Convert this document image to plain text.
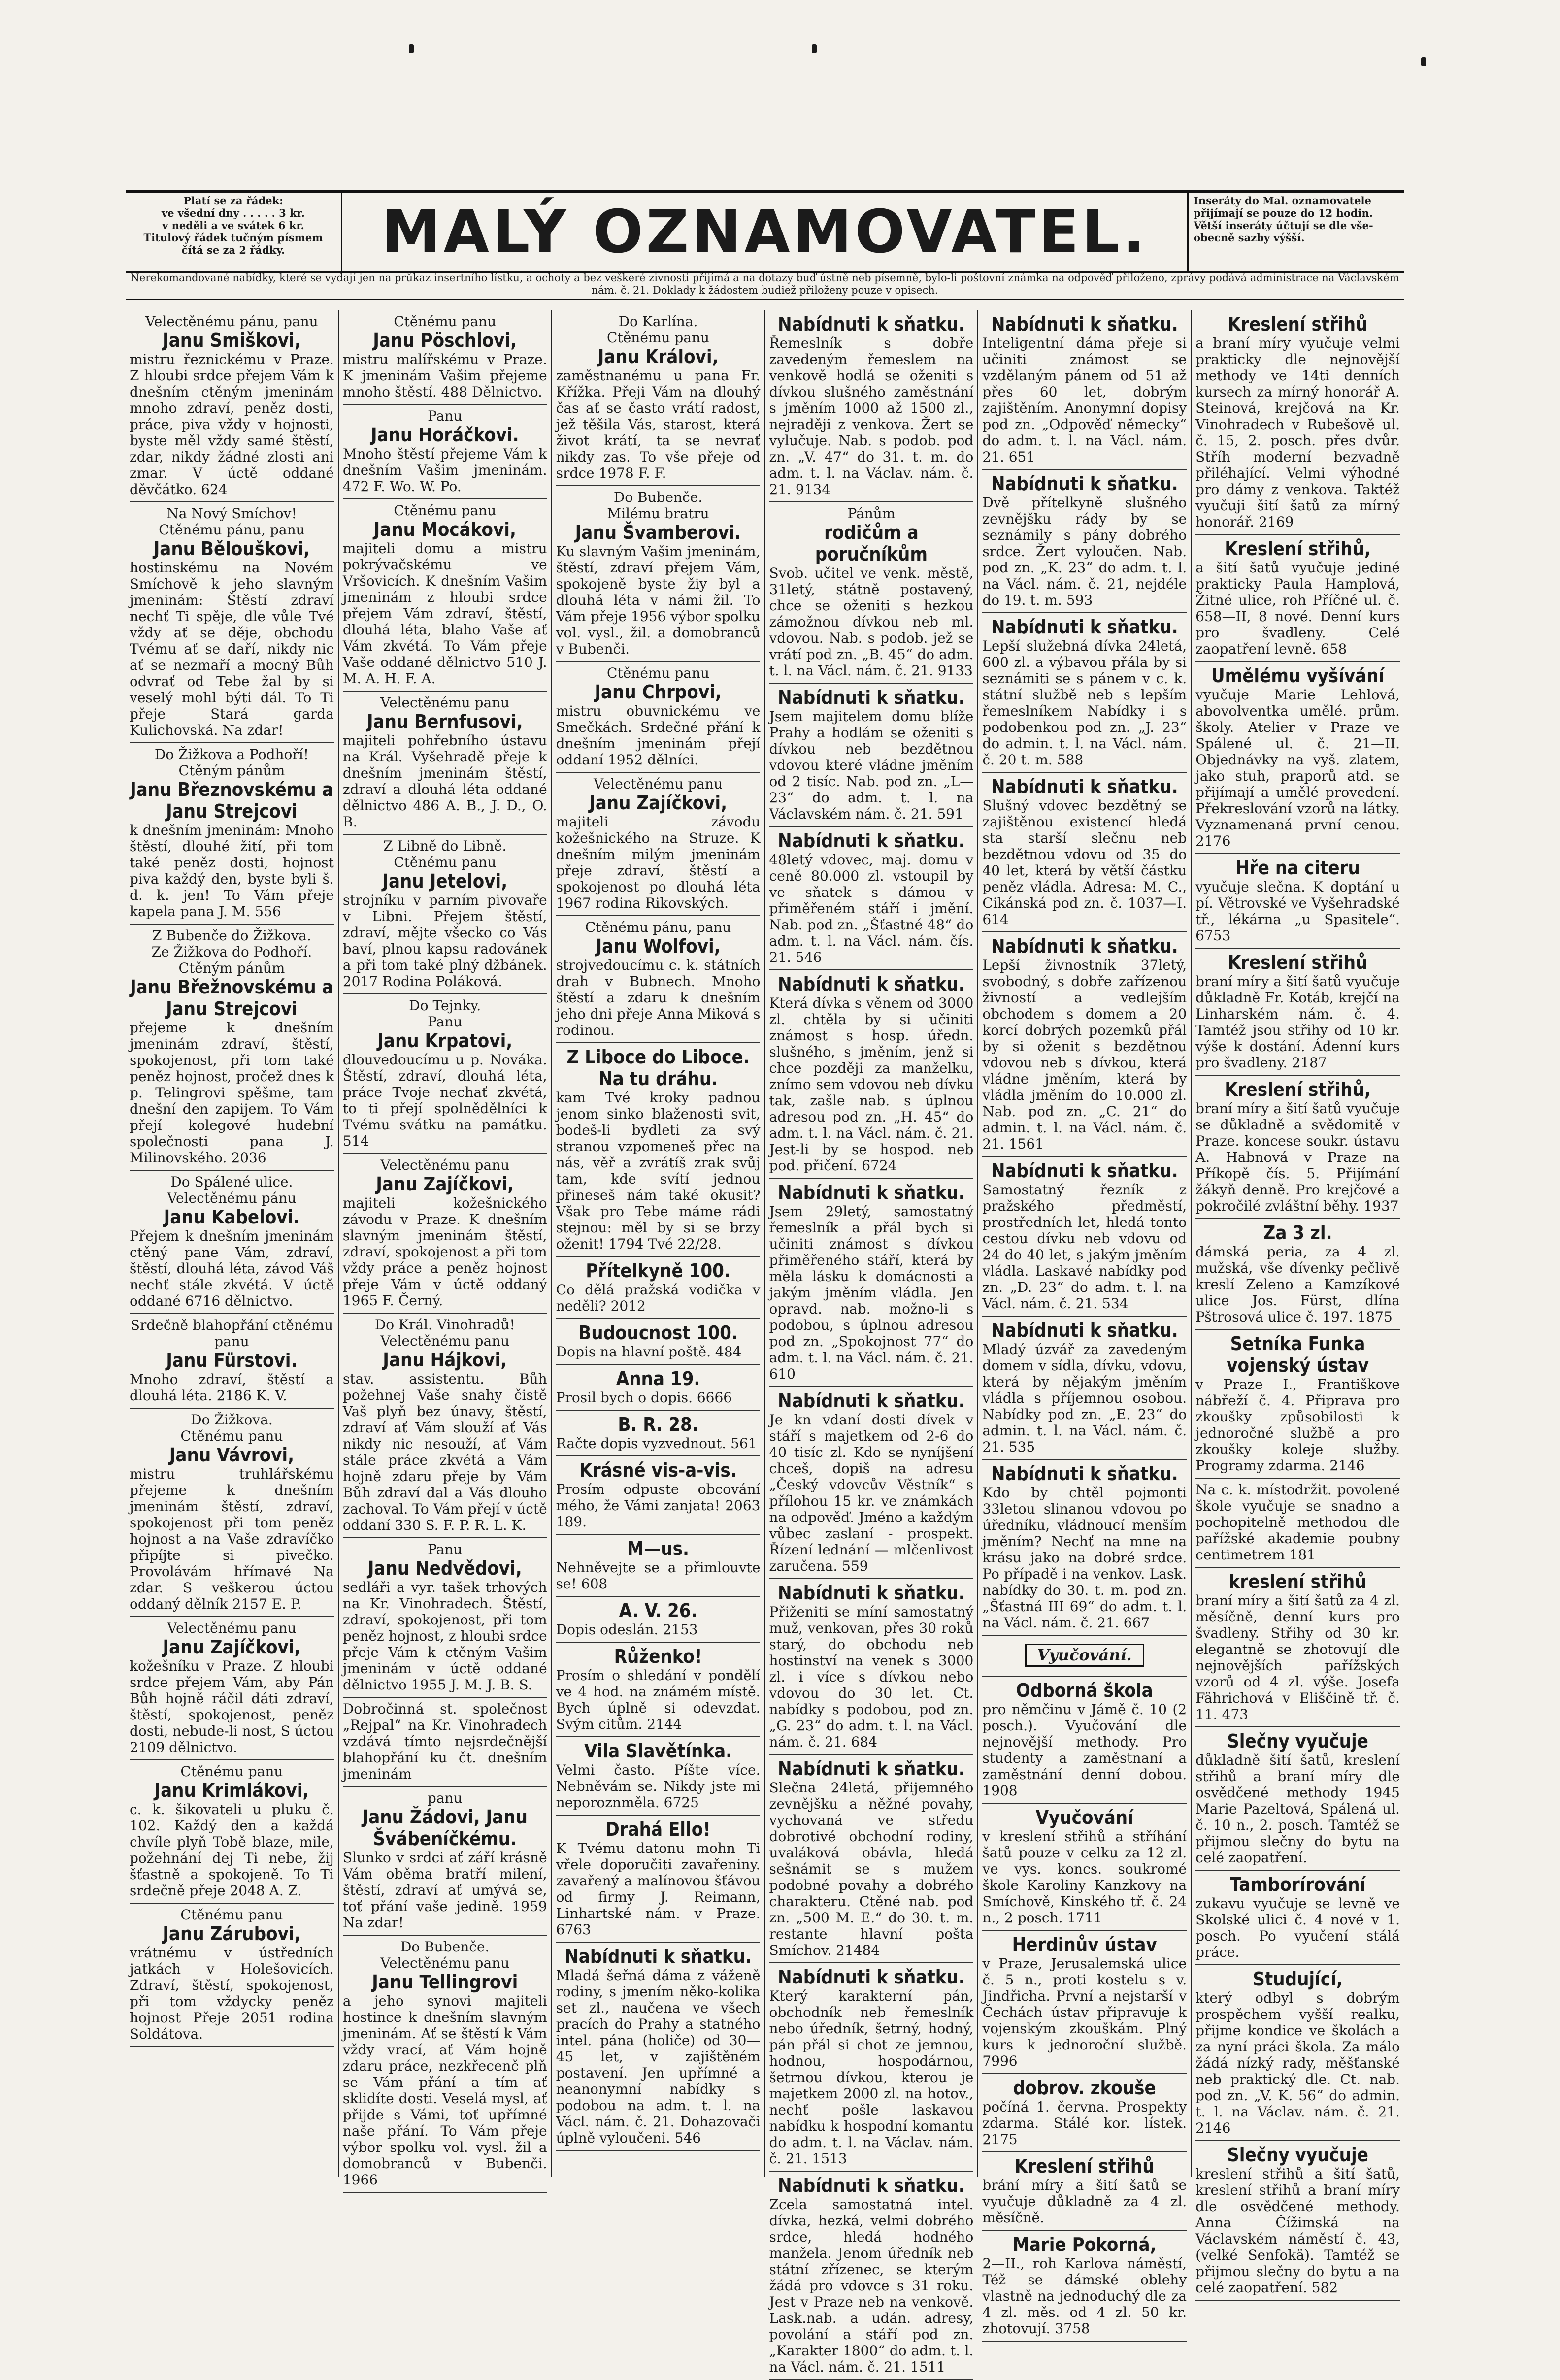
Platí se za řádek:
ve všední dny . . . . . 3 kr.
v neděli a ve svátek 6 kr.
Titulový řádek tučným písmem
čítá se za 2 řádky.	MALÝ OZNAMOVATEL.	Inseráty do Mal. oznamovatele
přijímají se pouze do 12 hodin.
Větší inseráty účtují se dle vše-
obecně sazby výšší.
Nerekomandované nabídky, které se vydají jen na průkaz insertního lístku, a ochoty a bez veškeré zivnosti přijímá a na dotazy buď ústně neb písemně, bylo-li poštovní známka na odpověď přiloženo, zprávy podává administrace na Václavském nám. č. 21. Doklady k žádostem budiež přiloženy pouze v opisech.
Velectěnému pánu, panu
Janu Smiškovi,
mistru řeznickému v Praze. Z hloubi srdce přejem Vám k dnešním ctěným jmeninám mnoho zdraví, peněz dosti, práce, piva vždy v hojnosti, byste měl vždy samé štěstí, zdar, nikdy žádné zlosti ani zmar. V úctě oddané děvčátko. 624
Na Nový Smíchov!
Ctěnému pánu, panu
Janu Bělouškovi,
hostinskému na Novém Smíchově k jeho slavným jmeninám: Štěstí zdraví nechť Ti spěje, dle vůle Tvé vždy ať se děje, obchodu Tvému ať se daří, nikdy nic ať se nezmaří a mocný Bůh odvrať od Tebe žal by si veselý mohl býti dál. To Ti přeje Stará garda Kulichovská. Na zdar!
Do Žižkova a Podhoří!
Ctěným pánům
Janu Březnovskému a Janu Strejcovi
k dnešním jmeninám: Mnoho štěstí, dlouhé žití, při tom také peněz dosti, hojnost piva každý den, byste byli š. d. k. jen! To Vám přeje kapela pana J. M. 556
Z Bubenče do Žižkova.
Ze Žižkova do Podhoří.
Ctěným pánům
Janu Břežnovskému a Janu Strejcovi
přejeme k dnešním jmeninám zdraví, štěstí, spokojenost, při tom také peněz hojnost, pročež dnes k p. Telingrovi spěšme, tam dnešní den zapijem. To Vám přejí kolegové hudební společnosti pana J. Milinovského. 2036
Do Spálené ulice.
Velectěnému pánu
Janu Kabelovi.
Přejem k dnešním jmeninám ctěný pane Vám, zdraví, štěstí, dlouhá léta, závod Váš nechť stále zkvétá. V úctě oddané 6716 dělnictvo.
Srdečně blahopřání ctěnému panu
Janu Fürstovi.
Mnoho zdraví, štěstí a dlouhá léta. 2186 K. V.
Do Žižkova.
Ctěnému panu
Janu Vávrovi,
mistru truhlářskému přejeme k dnešním jmeninám štěstí, zdraví, spokojenost při tom peněz hojnost a na Vaše zdravíčko připíjte si pivečko. Provolávám hřímavé Na zdar. S veškerou úctou oddaný dělník 2157 E. P.
Velectěnému panu
Janu Zajíčkovi,
kožešníku v Praze. Z hloubi srdce přejem Vám, aby Pán Bůh hojně ráčil dáti zdraví, štěstí, spokojenost, peněz dosti, nebude-li nost, S úctou 2109 dělnictvo.
Ctěnému panu
Janu Krimlákovi,
c. k. šikovateli u pluku č. 102. Každý den a každá chvíle plyň Tobě blaze, mile, požehnání dej Ti nebe, žij šťastně a spokojeně. To Ti srdečně přeje 2048 A. Z.
Ctěnému panu
Janu Zárubovi,
vrátnému v ústředních jatkách v Holešovicích. Zdraví, štěstí, spokojenost, při tom vždycky peněz hojnost Přeje 2051 rodina Soldátova.
Ctěnému panu
Janu Pöschlovi,
mistru malířskému v Praze. K jmeninám Vašim přejeme mnoho štěstí. 488 Dělnictvo.
Panu
Janu Horáčkovi.
Mnoho štěstí přejeme Vám k dnešním Vašim jmeninám. 472 F. Wo. W. Po.
Ctěnému panu
Janu Mocákovi,
majiteli domu a mistru pokrývačskému ve Vršovicích. K dnešním Vašim jmeninám z hloubi srdce přejem Vám zdraví, štěstí, dlouhá léta, blaho Vaše ať Vám zkvétá. To Vám přeje Vaše oddané dělnictvo 510 J. M. A. H. F. A.
Velectěnému panu
Janu Bernfusovi,
majiteli pohřebního ústavu na Král. Vyšehradě přeje k dnešním jmeninám štěstí, zdraví a dlouhá léta oddané dělnictvo 486 A. B., J. D., O. B.
Z Libně do Libně.
Ctěnému panu
Janu Jetelovi,
strojníku v parním pivovaře v Libni. Přejem štěstí, zdraví, mějte všecko co Vás baví, plnou kapsu radovánek a při tom také plný džbánek. 2017 Rodina Poláková.
Do Tejnky.
Panu
Janu Krpatovi,
dlouvedoucímu u p. Nováka. Štěstí, zdraví, dlouhá léta, práce Tvoje nechať zkvétá, to ti přejí spolnědělníci k Tvému svátku na památku. 514
Velectěnému panu
Janu Zajíčkovi,
majiteli kožešnického závodu v Praze. K dnešním slavným jmeninám štěstí, zdraví, spokojenost a při tom vždy práce a peněz hojnost přeje Vám v úctě oddaný 1965 F. Černý.
Do Král. Vinohradů!
Velectěnému panu
Janu Hájkovi,
stav. assistentu. Bůh požehnej Vaše snahy čistě Vaš plyň bez únavy, štěstí, zdraví ať Vám slouží ať Vás nikdy nic nesouží, ať Vám stále práce zkvétá a Vám hojně zdaru přeje by Vám Bůh zdraví dal a Vás dlouho zachoval. To Vám přejí v úctě oddaní 330 S. F. P. R. L. K.
Panu
Janu Nedvědovi,
sedláři a vyr. tašek trhových na Kr. Vinohradech. Štěstí, zdraví, spokojenost, při tom peněz hojnost, z hloubi srdce přeje Vám k ctěným Vašim jmeninám v úctě oddané dělnictvo 1955 J. M. J. B. S.
Dobročinná st. společnost „Rejpal“ na Kr. Vinohradech vzdává tímto nejsrdečnější blahopřání ku čt. dnešním jmeninám
panu
Janu Žádovi, Janu Švábeníčkému.
Slunko v srdci ať září krásně Vám oběma bratří milení, štěstí, zdraví ať umývá se, toť přání vaše jedině. 1959 Na zdar!
Do Bubenče.
Velectěnému panu
Janu Tellingrovi
a jeho synovi majiteli hostince k dnešním slavným jmeninám. Ať se štěstí k Vám vždy vrací, ať Vám hojně zdaru práce, nezkřecenč plň se Vám přání a tím ať sklidíte dosti. Veselá mysl, ať přijde s Vámi, toť upřímné naše přání. To Vám přeje výbor spolku vol. vysl. žil a domobranců v Bubenči. 1966
Do Karlína.
Ctěnému panu
Janu Královi,
zaměstnanému u pana Fr. Křížka. Přeji Vám na dlouhý čas ať se často vrátí radost, jež těšila Vás, starost, která život krátí, ta se nevrať nikdy zas. To vše přeje od srdce 1978 F. F.
Do Bubenče.
Milému bratru
Janu Švamberovi.
Ku slavným Vašim jmeninám, štěstí, zdraví přejem Vám, spokojeně byste žiy byl a dlouhá léta v námi žil. To Vám přeje 1956 výbor spolku vol. vysl., žil. a domobranců v Bubenči.
Ctěnému panu
Janu Chrpovi,
mistru obuvnickému ve Smečkách. Srdečné přání k dnešním jmeninám přejí oddaní 1952 dělníci.
Velectěnému panu
Janu Zajíčkovi,
majiteli závodu kožešnického na Struze. K dnešním milým jmeninám přeje zdraví, štěstí a spokojenost po dlouhá léta 1967 rodina Rikovských.
Ctěnému pánu, panu
Janu Wolfovi,
strojvedoucímu c. k. státních drah v Bubnech. Mnoho štěstí a zdaru k dnešním jeho dni přeje Anna Miková s rodinou.
Z Liboce do Liboce. Na tu dráhu.
kam Tvé kroky padnou jenom sinko blaženosti svit, bodeš-li bydleti za svý stranou vzpomeneš přec na nás, věř a zvrátíš zrak svůj tam, kde svítí jednou přineseš nám také okusit? Však pro Tebe máme rádi stejnou: měl by si se brzy oženit! 1794 Tvé 22/28.
Přítelkyně 100.
Co dělá pražská vodička v neděli? 2012
Budoucnost 100.
Dopis na hlavní poště. 484
Anna 19.
Prosil bych o dopis. 6666
B. R. 28.
Račte dopis vyzvednout. 561
Krásné vis-a-vis.
Prosím odpuste obcování mého, že Vámi zanjata! 2063 189.
M—us.
Nehněvejte se a přimlouvte se! 608
A. V. 26.
Dopis odeslán. 2153
Růženko!
Prosím o shledání v pondělí ve 4 hod. na známém místě. Bych úplně si odevzdat. Svým citům. 2144
Vila Slavětínka.
Velmi často. Píšte více. Nebněvám se. Nikdy jste mi neporoznměla. 6725
Drahá Ello!
K Tvému datonu mohn Ti vřele doporučiti zavařeniny. zavařený a malínovou šťávou od firmy J. Reimann, Linhartské nám. v Praze. 6763
Nabídnuti k sňatku.
Mladá šeřná dáma z váženě rodiny, s jmením něko-kolika set zl., naučena ve všech pracích do Prahy a statného intel. pána (holiče) od 30—45 let, v zajištěném postavení. Jen upřímné a neanonymní nabídky s podobou na adm. t. l. na Václ. nám. č. 21. Dohazovači úplně vyloučeni. 546
Nabídnuti k sňatku.
Řemeslník s dobře zavedeným řemeslem na venkově hodlá se oženiti s dívkou slušného zaměstnání s jměním 1000 až 1500 zl., nejraději z venkova. Žert se vylučuje. Nab. s podob. pod zn. „V. 47“ do 31. t. m. do adm. t. l. na Václav. nám. č. 21. 9134
Pánům
rodičům a poručníkům
Svob. učitel ve venk. městě, 31letý, státně postavený, chce se oženiti s hezkou zámožnou dívkou neb ml. vdovou. Nab. s podob. jež se vrátí pod zn. „B. 45“ do adm. t. l. na Václ. nám. č. 21. 9133
Nabídnuti k sňatku.
Jsem majitelem domu blíže Prahy a hodlám se oženiti s dívkou neb bezdětnou vdovou které vládne jměním od 2 tisíc. Nab. pod zn. „L—23“ do adm. t. l. na Václavském nám. č. 21. 591
Nabídnuti k sňatku.
48letý vdovec, maj. domu v ceně 80.000 zl. vstoupil by ve sňatek s dámou v přiměřeném stáří i jmění. Nab. pod zn. „Šťastné 48“ do adm. t. l. na Václ. nám. čís. 21. 546
Nabídnuti k sňatku.
Která dívka s věnem od 3000 zl. chtěla by si učiniti známost s hosp. úředn. slušného, s jměním, jenž si chce později za manželku, znímo sem vdovou neb dívku tak, zašle nab. s úplnou adresou pod zn. „H. 45“ do adm. t. l. na Václ. nám. č. 21. Jest-li by se hospod. neb pod. přičení. 6724
Nabídnuti k sňatku.
Jsem 29letý, samostatný řemeslník a přál bych si učiniti známost s dívkou přiměřeného stáří, která by měla lásku k domácnosti a jakým jměním vládla. Jen opravd. nab. možno-li s podobou, s úplnou adresou pod zn. „Spokojnost 77“ do adm. t. l. na Václ. nám. č. 21. 610
Nabídnuti k sňatku.
Je kn vdaní dosti dívek v stáří s majetkem od 2-6 do 40 tisíc zl. Kdo se nyníjšení chceš, dopiš na adresu „Český vdovcův Věstník“ s přílohou 15 kr. ve známkách na odpověď. Jméno a každým vůbec zaslaní - prospekt. Řízení lednání — mlčenlivost zaručena. 559
Nabídnuti k sňatku.
Přiženiti se míní samostatný muž, venkovan, přes 30 roků starý, do obchodu neb hostinství na venek s 3000 zl. i více s dívkou nebo vdovou do 30 let. Ct. nabídky s podobou, pod zn. „G. 23“ do adm. t. l. na Václ. nám. č. 21. 684
Nabídnuti k sňatku.
Slečna 24letá, přijemného zevnějšku a něžné povahy, vychovaná ve středu dobrotivé obchodní rodiny, uvaláková obávla, hledá sešnámit se s mužem podobné povahy a dobrého charakteru. Ctěné nab. pod zn. „500 M. E.“ do 30. t. m. restante hlavní pošta Smíchov. 21484
Nabídnuti k sňatku.
Který karakterní pán, obchodník neb řemeslník nebo úředník, šetrný, hodný, pán přál si chot ze jemnou, hodnou, hospodárnou, šetrnou dívkou, kterou je majetkem 2000 zl. na hotov., nechť pošle laskavou nabídku k hospodní komantu do adm. t. l. na Václav. nám. č. 21. 1513
Nabídnuti k sňatku.
Zcela samostatná intel. dívka, hezká, velmi dobrého srdce, hledá hodného manžela. Jenom úředník neb státní zřízenec, se kterým žádá pro vdovce s 31 roku. Jest v Praze neb na venkově. Lask.nab. a udán. adresy, povolání a stáří pod zn. „Karakter 1800“ do adm. t. l. na Václ. nám. č. 21. 1511
Nabídnuti k sňatku.
Inteligentní dáma přeje si učiniti známost se vzdělaným pánem od 51 až přes 60 let, dobrým zajištěním. Anonymní dopisy pod zn. „Odpověď německy“ do adm. t. l. na Václ. nám. 21. 651
Nabídnuti k sňatku.
Dvě přítelkyně slušného zevnějšku rády by se seznámily s pány dobrého srdce. Žert vyloučen. Nab. pod zn. „K. 23“ do adm. t. l. na Václ. nám. č. 21, nejdéle do 19. t. m. 593
Nabídnuti k sňatku.
Lepší služebná dívka 24letá, 600 zl. a výbavou přála by si seznámiti se s pánem v c. k. státní službě neb s lepším řemeslníkem Nabídky i s podobenkou pod zn. „J. 23“ do admin. t. l. na Václ. nám. č. 20 t. m. 588
Nabídnuti k sňatku.
Slušný vdovec bezdětný se zajištěnou existencí hledá sta starší slečnu neb bezdětnou vdovu od 35 do 40 let, která by větší částku peněz vládla. Adresa: M. C., Cikánská pod zn. č. 1037—I. 614
Nabídnuti k sňatku.
Lepší živnostník 37letý, svobodný, s dobře zařízenou živností a vedlejším obchodem s domem a 20 korcí dobrých pozemků přál by si oženit s bezdětnou vdovou neb s dívkou, která vládne jměním, která by vládla jměním do 10.000 zl. Nab. pod zn. „C. 21“ do admin. t. l. na Václ. nám. č. 21. 1561
Nabídnuti k sňatku.
Samostatný řezník z pražského předměstí, prostředních let, hledá tonto cestou dívku neb vdovu od 24 do 40 let, s jakým jměním vládla. Laskavé nabídky pod zn. „D. 23“ do adm. t. l. na Václ. nám. č. 21. 534
Nabídnuti k sňatku.
Mladý úzvář za zavedeným domem v sídla, dívku, vdovu, která by nějakým jměním vládla s příjemnou osobou. Nabídky pod zn. „E. 23“ do admin. t. l. na Václ. nám. č. 21. 535
Nabídnuti k sňatku.
Kdo by chtěl pojmonti 33letou slinanou vdovou po úředníku, vládnoucí menším jměním? Nechť na mne na krásu jako na dobré srdce. Po případě i na venkov. Lask. nabídky do 30. t. m. pod zn. „Šťastná III 69“ do adm. t. l. na Václ. nám. č. 21. 667
Vyučování.
Odborná škola
pro němčinu v Jámě č. 10 (2 posch.). Vyučování dle nejnovější methody. Pro studenty a zaměstnaní a zaměstnání denní dobou. 1908
Vyučování
v kreslení střihů a stříhání šatů pouze v celku za 12 zl. ve vys. koncs. soukromé škole Karoliny Kanzkovy na Smíchově, Kinského tř. č. 24 n., 2 posch. 1711
Herdinův ústav
v Praze, Jerusalemská ulice č. 5 n., proti kostelu s v. Jindřicha. První a nejstarší v Čechách ústav připravuje k vojenským zkouškám. Plný kurs k jednoroční službě. 7996
dobrov. zkouše
počíná 1. června. Prospekty zdarma. Stálé kor. lístek. 2175
Kreslení střihů
brání míry a šití šatů se vyučuje důkladně za 4 zl. měsíčně.
Marie Pokorná,
2—II., roh Karlova náměstí, Též se dámské oblehy vlastně na jednoduchý dle za 4 zl. měs. od 4 zl. 50 kr. zhotovují. 3758
Kreslení střihů
a braní míry vyučuje velmi prakticky dle nejnovější methody ve 14ti denních kursech za mírný honorář A. Steinová, krejčová na Kr. Vinohradech v Rubešově ul. č. 15, 2. posch. přes dvůr. Stříh moderní bezvadně přiléhající. Velmi výhodné pro dámy z venkova. Taktéž vyučuji šití šatů za mírný honorář. 2169
Kreslení střihů,
a šití šatů vyučuje jediné prakticky Paula Hamplová, Žitné ulice, roh Příčné ul. č. 658—II, 8 nové. Denní kurs pro švadleny. Celé zaopatření levně. 658
Umělému vyšívání
vyučuje Marie Lehlová, abovolventka umělé. prům. školy. Atelier v Praze ve Spálené ul. č. 21—II. Objednávky na vyš. zlatem, jako stuh, praporů atd. se přijímají a umělé provedení. Překreslování vzorů na látky. Vyznamenaná první cenou. 2176
Hře na citeru
vyučuje slečna. K doptání u pí. Větrovské ve Vyšehradské tř., lékárna „u Spasitele“. 6753
Kreslení střihů
braní míry a šití šatů vyučuje důkladně Fr. Kotáb, krejčí na Linharském nám. č. 4. Tamtéž jsou střihy od 10 kr. výše k dostání. Ádenní kurs pro švadleny. 2187
Kreslení střihů,
braní míry a šití šatů vyučuje se důkladně a svědomitě v Praze. koncese soukr. ústavu A. Habnová v Praze na Příkopě čís. 5. Přijímání žákyň denně. Pro krejčové a pokročilé zvláštní běhy. 1937
Za 3 zl.
dámská peria, za 4 zl. mužská, vše dívenky pečlivě kreslí Zeleno a Kamzíkové ulice Jos. Fürst, dlína Pštrosová ulice č. 197. 1875
Setníka Funka vojenský ústav
v Praze I., Františkove nábřeží č. 4. Připrava pro zkoušky způsobilosti k jednoročné službě a pro zkoušky koleje služby. Programy zdarma. 2146
Na c. k. místodržit. povolené škole vyučuje se snadno a pochopitelně methodou dle pařížské akademie poubny centimetrem 181
kreslení střihů
braní míry a šití šatů za 4 zl. měsíčně, denní kurs pro švadleny. Střihy od 30 kr. elegantně se zhotovují dle nejnovějších pařížských vzorů od 4 zl. výše. Josefa Fährichová v Eliščině tř. č. 11. 473
Slečny vyučuje
důkladně šití šatů, kreslení střihů a braní míry dle osvědčené methody 1945 Marie Pazeltová, Spálená ul. č. 10 n., 2. posch. Tamtéž se přijmou slečny do bytu na celé zaopatření.
Tamborírování
zukavu vyučuje se levně ve Skolské ulici č. 4 nové v 1. posch. Po vyučení stálá práce.
Studující,
který odbyl s dobrým prospěchem vyšší realku, přijme kondice ve školách a za nyní práci škola. Za málo žádá nízký rady, měšťanské neb praktický dle. Ct. nab. pod zn. „V. K. 56“ do admin. t. l. na Václav. nám. č. 21. 2146
Slečny vyučuje
kreslení střihů a šití šatů, kreslení střihů a braní míry dle osvědčené methody. Anna Čížimská na Václavském náměstí č. 43, (velké Senfokä). Tamtéž se přijmou slečny do bytu a na celé zaopatření. 582
